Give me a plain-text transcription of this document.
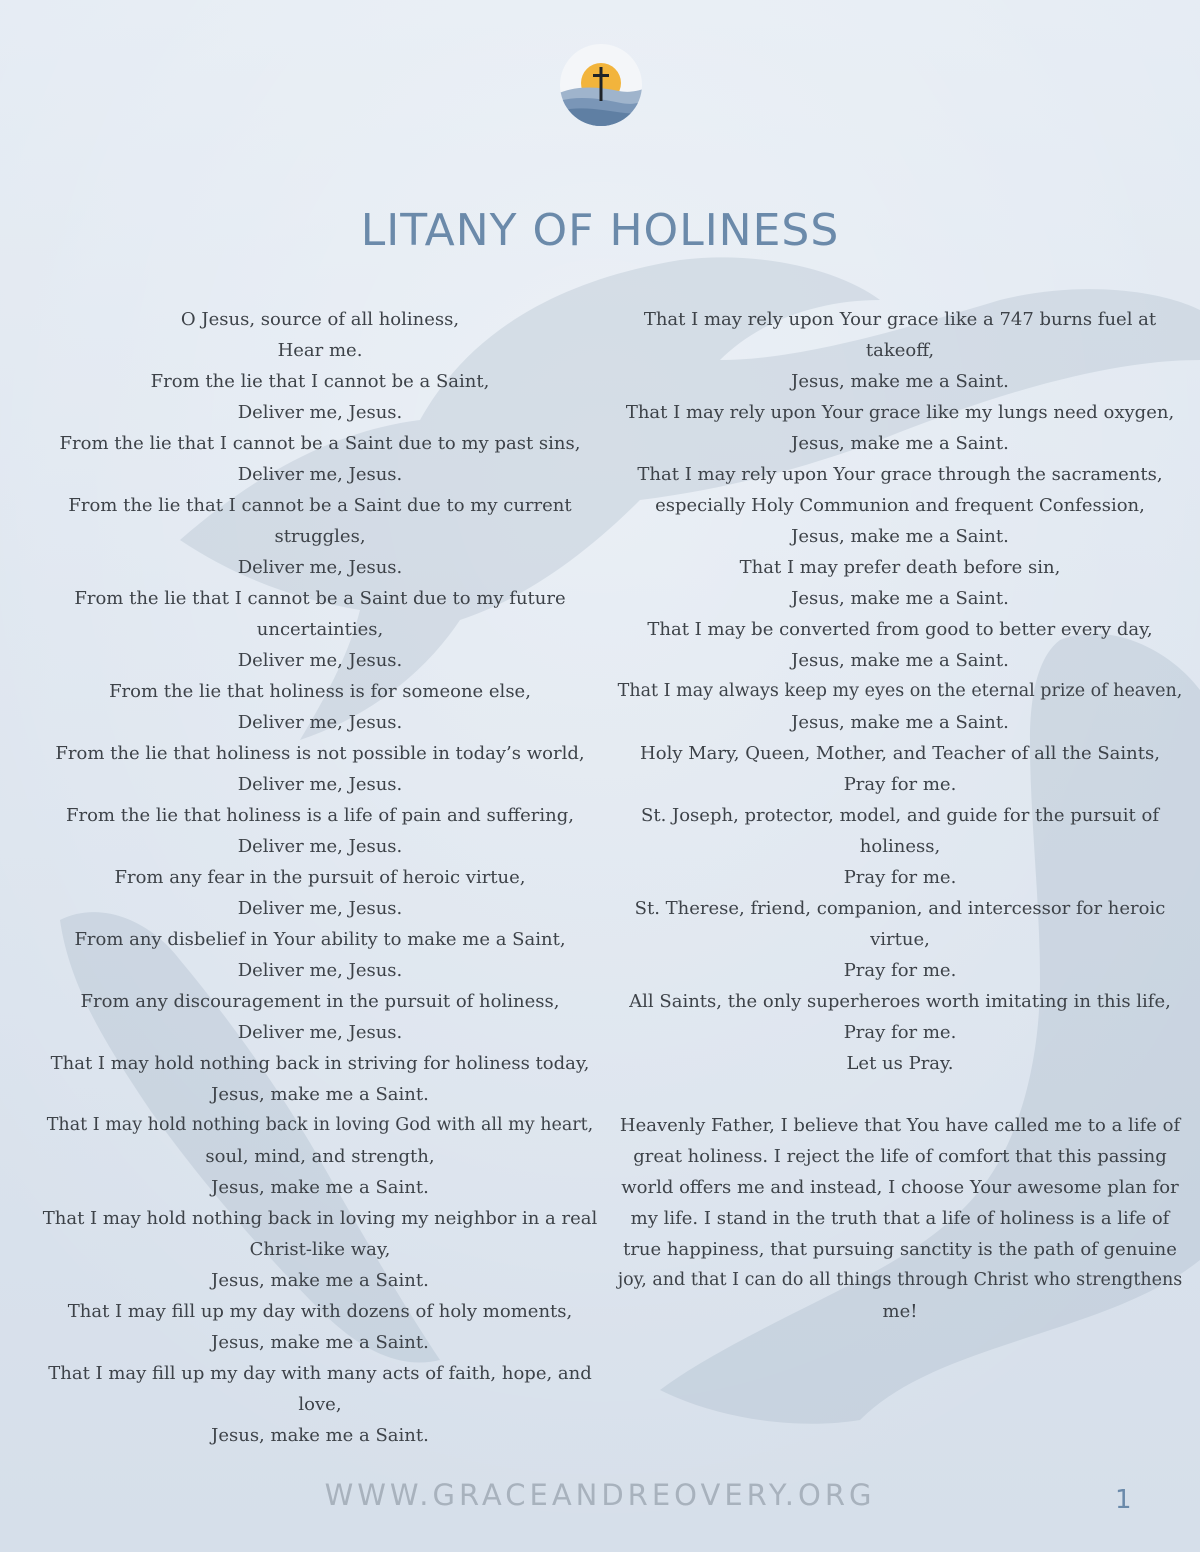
LITANY OF HOLINESS
O Jesus, source of all holiness,
Hear me.
From the lie that I cannot be a Saint,
Deliver me, Jesus.
From the lie that I cannot be a Saint due to my past sins,
Deliver me, Jesus.
From the lie that I cannot be a Saint due to my current
struggles,
Deliver me, Jesus.
From the lie that I cannot be a Saint due to my future
uncertainties,
Deliver me, Jesus.
From the lie that holiness is for someone else,
Deliver me, Jesus.
From the lie that holiness is not possible in today’s world,
Deliver me, Jesus.
From the lie that holiness is a life of pain and suffering,
Deliver me, Jesus.
From any fear in the pursuit of heroic virtue,
Deliver me, Jesus.
From any disbelief in Your ability to make me a Saint,
Deliver me, Jesus.
From any discouragement in the pursuit of holiness,
Deliver me, Jesus.
That I may hold nothing back in striving for holiness today,
Jesus, make me a Saint.
That I may hold nothing back in loving God with all my heart,
soul, mind, and strength,
Jesus, make me a Saint.
That I may hold nothing back in loving my neighbor in a real
Christ-like way,
Jesus, make me a Saint.
That I may fill up my day with dozens of holy moments,
Jesus, make me a Saint.
That I may fill up my day with many acts of faith, hope, and
love,
Jesus, make me a Saint.
That I may rely upon Your grace like a 747 burns fuel at
takeoff,
Jesus, make me a Saint.
That I may rely upon Your grace like my lungs need oxygen,
Jesus, make me a Saint.
That I may rely upon Your grace through the sacraments,
especially Holy Communion and frequent Confession,
Jesus, make me a Saint.
That I may prefer death before sin,
Jesus, make me a Saint.
That I may be converted from good to better every day,
Jesus, make me a Saint.
That I may always keep my eyes on the eternal prize of heaven,
Jesus, make me a Saint.
Holy Mary, Queen, Mother, and Teacher of all the Saints,
Pray for me.
St. Joseph, protector, model, and guide for the pursuit of
holiness,
Pray for me.
St. Therese, friend, companion, and intercessor for heroic
virtue,
Pray for me.
All Saints, the only superheroes worth imitating in this life,
Pray for me.
Let us Pray.
Heavenly Father, I believe that You have called me to a life of
great holiness. I reject the life of comfort that this passing
world offers me and instead, I choose Your awesome plan for
my life. I stand in the truth that a life of holiness is a life of
true happiness, that pursuing sanctity is the path of genuine
joy, and that I can do all things through Christ who strengthens
me!
WWW.GRACEANDREOVERY.ORG	1
